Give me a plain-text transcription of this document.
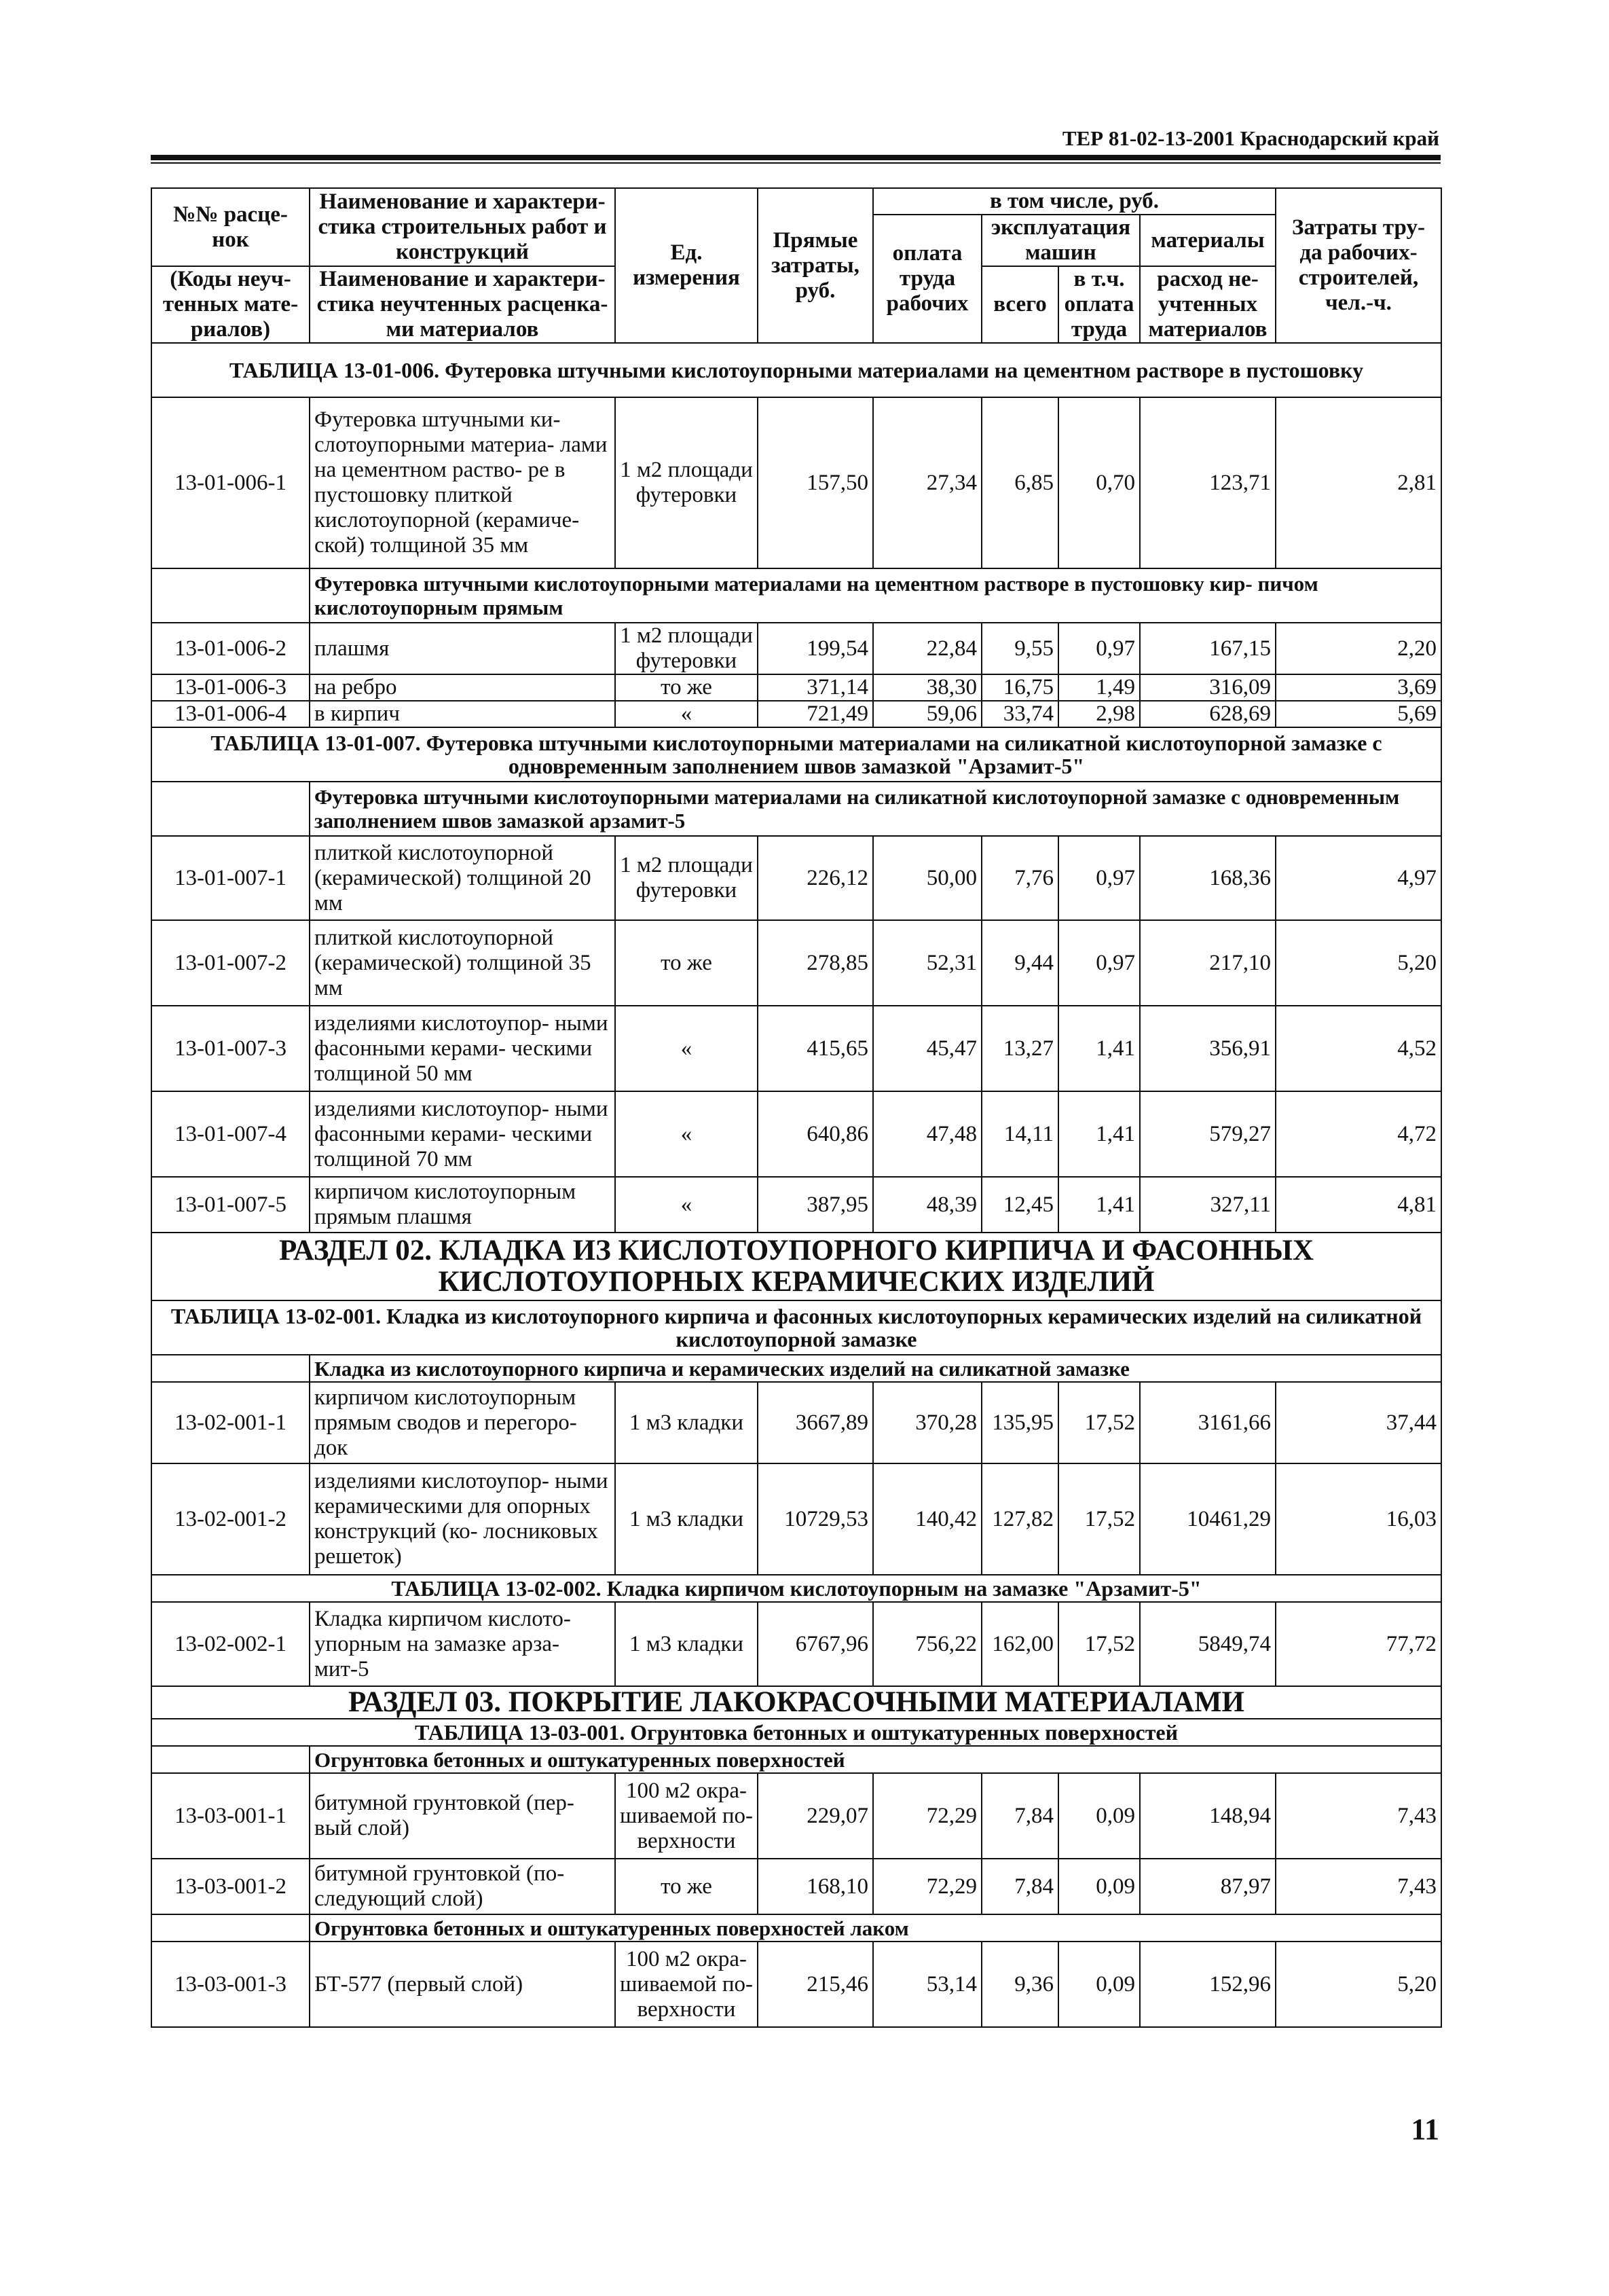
ТЕР 81-02-13-2001 Краснодарский край
№№ расце- нок	Наименование и характери- стика строительных работ и конструкций	Ед. измерения	Прямые затраты, руб.	в том числе, руб.				Затраты тру- да рабочих- строителей, чел.-ч.
				оплата труда рабочих	эксплуатация машин		материалы	
(Коды неуч- тенных мате- риалов)	Наименование и характери- стика неучтенных расценка- ми материалов				всего	в т.ч. оплата труда	расход не- учтенных материалов	

ТАБЛИЦА 13-01-006. Футеровка штучными кислотоупорными материалами на цементном растворе в пустошовку								
13-01-006-1	Футеровка штучными ки- слотоупорными материа- лами на цементном раство- ре в пустошовку плиткой кислотоупорной (керамиче- ской) толщиной 35 мм	1 м2 площади футеровки	157,50	27,34	6,85	0,70	123,71	2,81
	Футеровка штучными кислотоупорными материалами на цементном растворе в пустошовку кир- пичом кислотоупорным прямым							
13-01-006-2	плашмя	1 м2 площади футеровки	199,54	22,84	9,55	0,97	167,15	2,20
13-01-006-3	на ребро	то же	371,14	38,30	16,75	1,49	316,09	3,69
13-01-006-4	в кирпич	«	721,49	59,06	33,74	2,98	628,69	5,69
ТАБЛИЦА 13-01-007. Футеровка штучными кислотоупорными материалами на силикатной кислотоупорной замазке с одновременным заполнением швов замазкой "Арзамит-5"								
	Футеровка штучными кислотоупорными материалами на силикатной кислотоупорной замазке с одновременным заполнением швов замазкой арзамит-5							
13-01-007-1	плиткой кислотоупорной (керамической) толщиной 20 мм	1 м2 площади футеровки	226,12	50,00	7,76	0,97	168,36	4,97
13-01-007-2	плиткой кислотоупорной (керамической) толщиной 35 мм	то же	278,85	52,31	9,44	0,97	217,10	5,20
13-01-007-3	изделиями кислотоупор- ными фасонными керами- ческими толщиной 50 мм	«	415,65	45,47	13,27	1,41	356,91	4,52
13-01-007-4	изделиями кислотоупор- ными фасонными керами- ческими толщиной 70 мм	«	640,86	47,48	14,11	1,41	579,27	4,72
13-01-007-5	кирпичом кислотоупорным прямым плашмя	«	387,95	48,39	12,45	1,41	327,11	4,81
РАЗДЕЛ 02. КЛАДКА ИЗ КИСЛОТОУПОРНОГО КИРПИЧА И ФАСОННЫХ КИСЛОТОУПОРНЫХ КЕРАМИЧЕСКИХ ИЗДЕЛИЙ								
ТАБЛИЦА 13-02-001. Кладка из кислотоупорного кирпича и фасонных кислотоупорных керамических изделий на силикатной кислотоупорной замазке								
	Кладка из кислотоупорного кирпича и керамических изделий на силикатной замазке							
13-02-001-1	кирпичом кислотоупорным прямым сводов и перегоро- док	1 м3 кладки	3667,89	370,28	135,95	17,52	3161,66	37,44
13-02-001-2	изделиями кислотоупор- ными керамическими для опорных конструкций (ко- лосниковых решеток)	1 м3 кладки	10729,53	140,42	127,82	17,52	10461,29	16,03
ТАБЛИЦА 13-02-002. Кладка кирпичом кислотоупорным на замазке "Арзамит-5"								
13-02-002-1	Кладка кирпичом кислото- упорным на замазке арза- мит-5	1 м3 кладки	6767,96	756,22	162,00	17,52	5849,74	77,72
РАЗДЕЛ 03. ПОКРЫТИЕ ЛАКОКРАСОЧНЫМИ МАТЕРИАЛАМИ								
ТАБЛИЦА 13-03-001. Огрунтовка бетонных и оштукатуренных поверхностей								
	Огрунтовка бетонных и оштукатуренных поверхностей							
13-03-001-1	битумной грунтовкой (пер- вый слой)	100 м2 окра- шиваемой по- верхности	229,07	72,29	7,84	0,09	148,94	7,43
13-03-001-2	битумной грунтовкой (по- следующий слой)	то же	168,10	72,29	7,84	0,09	87,97	7,43
	Огрунтовка бетонных и оштукатуренных поверхностей лаком							
13-03-001-3	БТ-577 (первый слой)	100 м2 окра- шиваемой по- верхности	215,46	53,14	9,36	0,09	152,96	5,20
11
